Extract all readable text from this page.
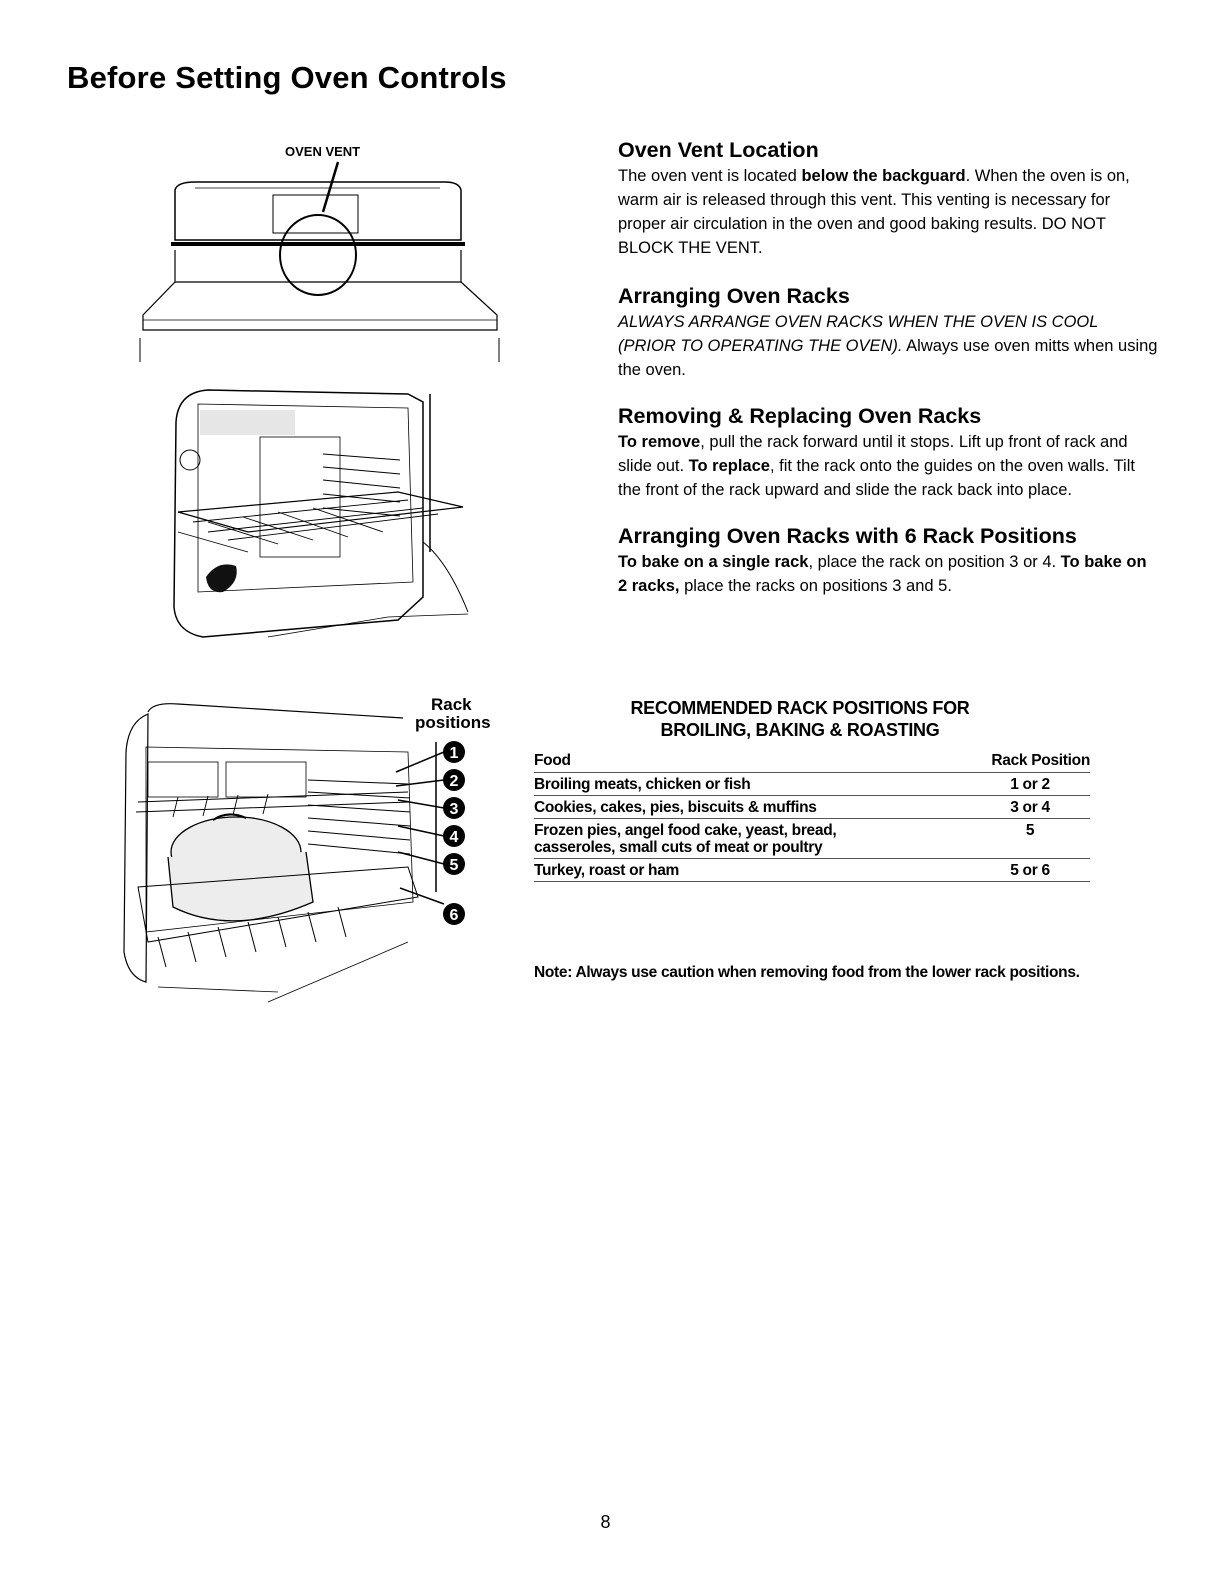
Before Setting Oven Controls
OVEN VENT
Rack
positions
1
2
3
4
5
6
Oven Vent Location
The oven vent is located below the backguard. When the oven is on, warm air is released through this vent. This venting is necessary for proper air circulation in the oven and good baking results. DO NOT BLOCK THE VENT.
Arranging Oven Racks
ALWAYS ARRANGE OVEN RACKS WHEN THE OVEN IS COOL (PRIOR TO OPERATING THE OVEN). Always use oven mitts when using the oven.
Removing & Replacing Oven Racks
To remove, pull the rack forward until it stops. Lift up front of rack and slide out. To replace, fit the rack onto the guides on the oven walls. Tilt the front of the rack upward and slide the rack back into place.
Arranging Oven Racks with 6 Rack Positions
To bake on a single rack, place the rack on position 3 or 4. To bake on 2 racks, place the racks on positions 3 and 5.
RECOMMENDED RACK POSITIONS FOR
BROILING, BAKING & ROASTING
Food	Rack Position
Broiling meats, chicken or fish	1 or 2
Cookies, cakes, pies, biscuits & muffins	3 or 4
Frozen pies, angel food cake, yeast, bread, casseroles, small cuts of meat or poultry	5
Turkey, roast or ham	5 or 6
Note: Always use caution when removing food from the lower rack positions.
8
